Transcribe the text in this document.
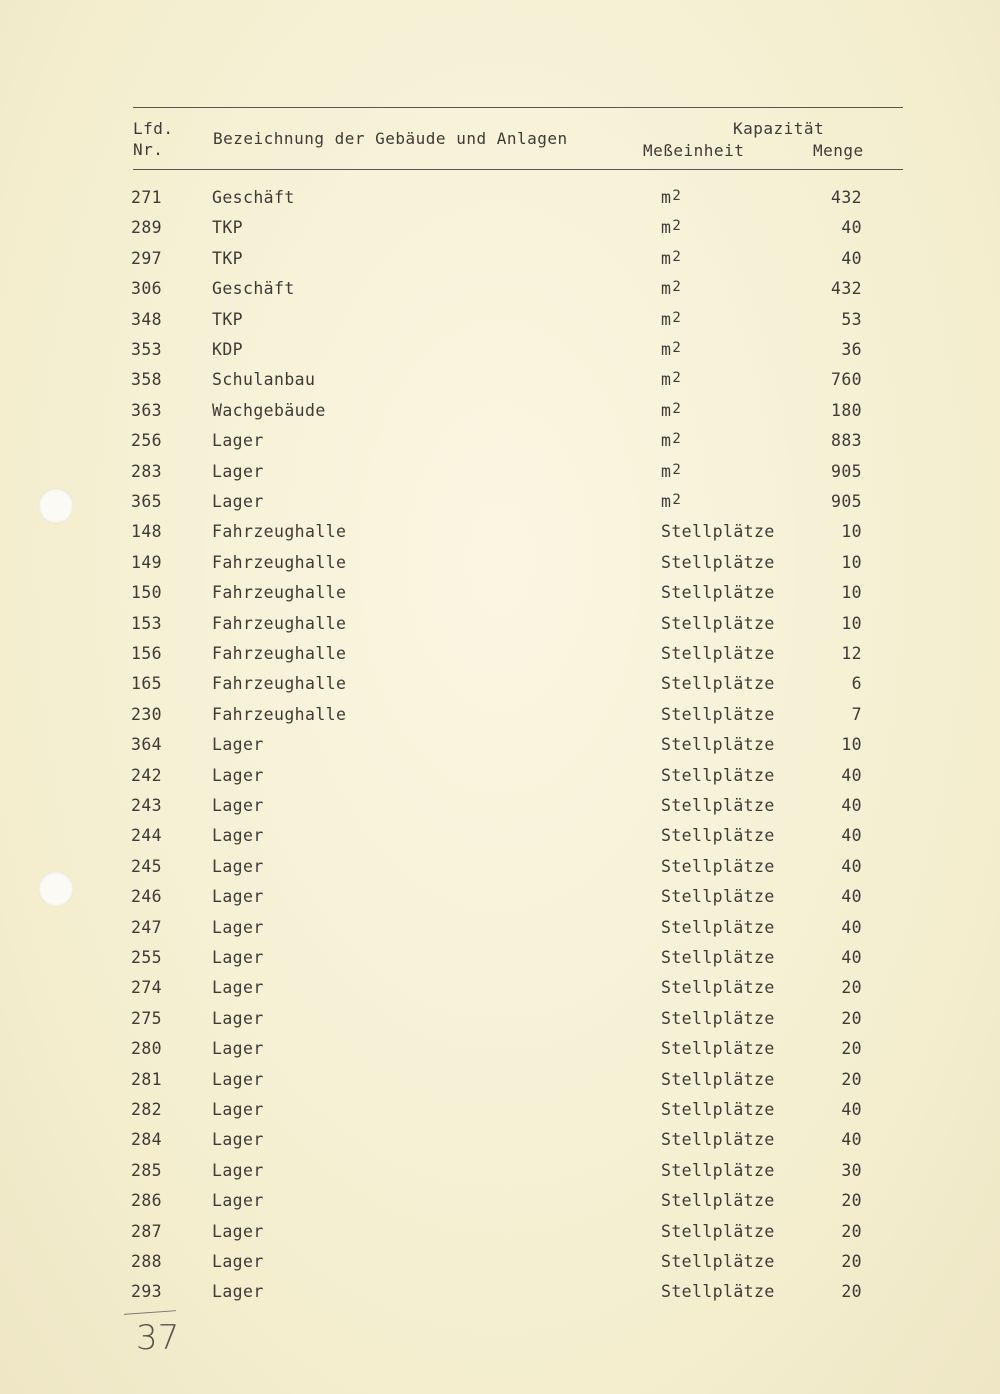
Lfd.
Nr.
Bezeichnung der Gebäude und Anlagen
Kapazität
Meßeinheit	Menge
271	Geschäft	m 2	432
289	TKP	m 2	40
297	TKP	m 2	40
306	Geschäft	m 2	432
348	TKP	m 2	53
353	KDP	m 2	36
358	Schulanbau	m 2	760
363	Wachgebäude	m 2	180
256	Lager	m 2	883
283	Lager	m 2	905
365	Lager	m 2	905
148	Fahrzeughalle	Stellplätze	10
149	Fahrzeughalle	Stellplätze	10
150	Fahrzeughalle	Stellplätze	10
153	Fahrzeughalle	Stellplätze	10
156	Fahrzeughalle	Stellplätze	12
165	Fahrzeughalle	Stellplätze	6
230	Fahrzeughalle	Stellplätze	7
364	Lager	Stellplätze	10
242	Lager	Stellplätze	40
243	Lager	Stellplätze	40
244	Lager	Stellplätze	40
245	Lager	Stellplätze	40
246	Lager	Stellplätze	40
247	Lager	Stellplätze	40
255	Lager	Stellplätze	40
274	Lager	Stellplätze	20
275	Lager	Stellplätze	20
280	Lager	Stellplätze	20
281	Lager	Stellplätze	20
282	Lager	Stellplätze	40
284	Lager	Stellplätze	40
285	Lager	Stellplätze	30
286	Lager	Stellplätze	20
287	Lager	Stellplätze	20
288	Lager	Stellplätze	20
293	Lager	Stellplätze	20
37
